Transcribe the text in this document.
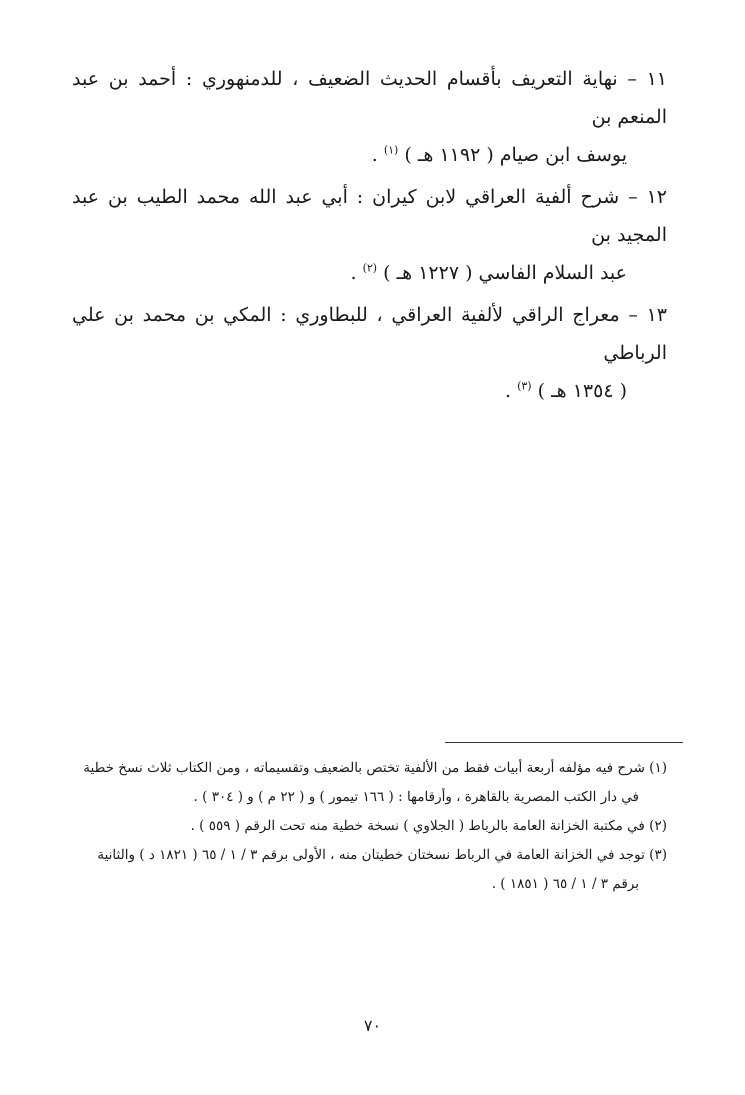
١١ – نهاية التعريف بأقسام الحديث الضعيف ، للدمنهوري : أحمد بن عبد المنعم بن
يوسف ابن صيام ( ١١٩٢ هـ ) $^{(١)}$ .

١٢ – شرح ألفية العراقي لابن كيران : أبي عبد الله محمد الطيب بن عبد المجيد بن
عبد السلام الفاسي ( ١٢٢٧ هـ ) $^{(٢)}$ .

١٣ – معراج الراقي لألفية العراقي ، للبطاوري : المكي بن محمد بن علي الرباطي
( ١٣٥٤ هـ ) $^{(٣)}$ .

(١) شرح فيه مؤلفه أربعة أبيات فقط من الألفية تختص بالضعيف وتقسيماته ، ومن الكتاب ثلاث نسخ خطية
في دار الكتب المصرية بالقاهرة ، وأرقامها : ( ١٦٦ تيمور ) و ( ٢٢ م ) و ( ٣٠٤ ) .

(٢) في مكتبة الخزانة العامة بالرباط ( الجلاوي ) نسخة خطية منه تحت الرقم ( ٥٥٩ ) .

(٣) توجد في الخزانة العامة في الرباط نسختان خطيتان منه ، الأولى برقم ٣ / ١ / ٦٥ ( ١٨٢١ د ) والثانية
برقم ٣ / ١ / ٦٥ ( ١٨٥١ ) .

٧٠
